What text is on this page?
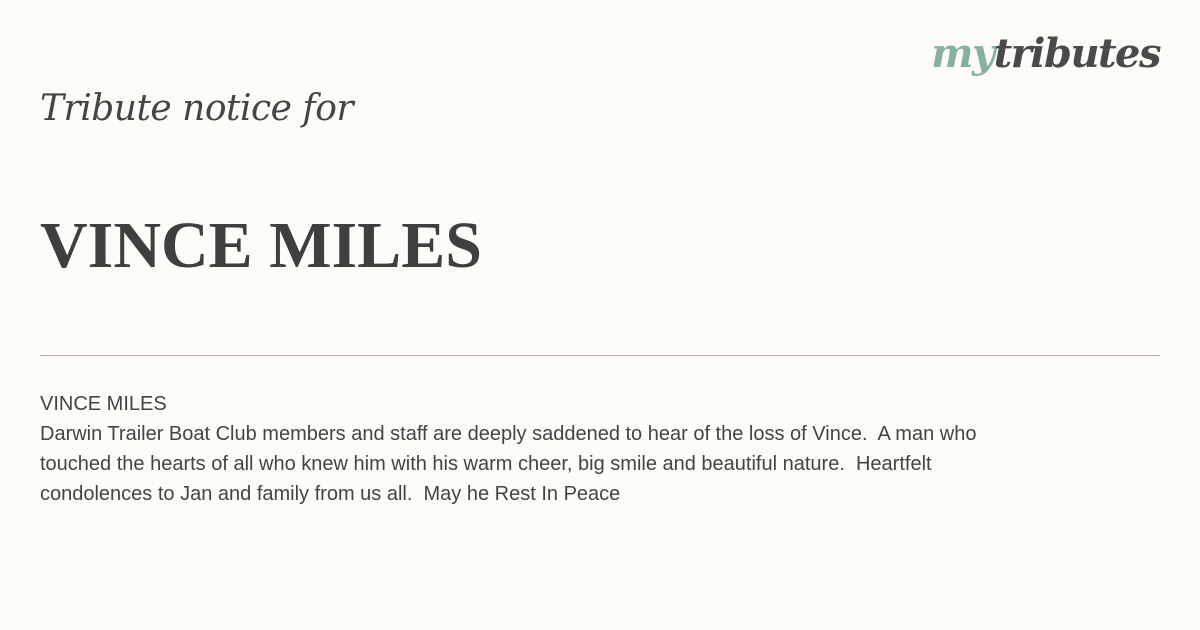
mytributes
Tribute notice for
VINCE MILES
VINCE MILES
Darwin Trailer Boat Club members and staff are deeply saddened to hear of the loss of Vince.  A man who
touched the hearts of all who knew him with his warm cheer, big smile and beautiful nature.  Heartfelt
condolences to Jan and family from us all.  May he Rest In Peace
